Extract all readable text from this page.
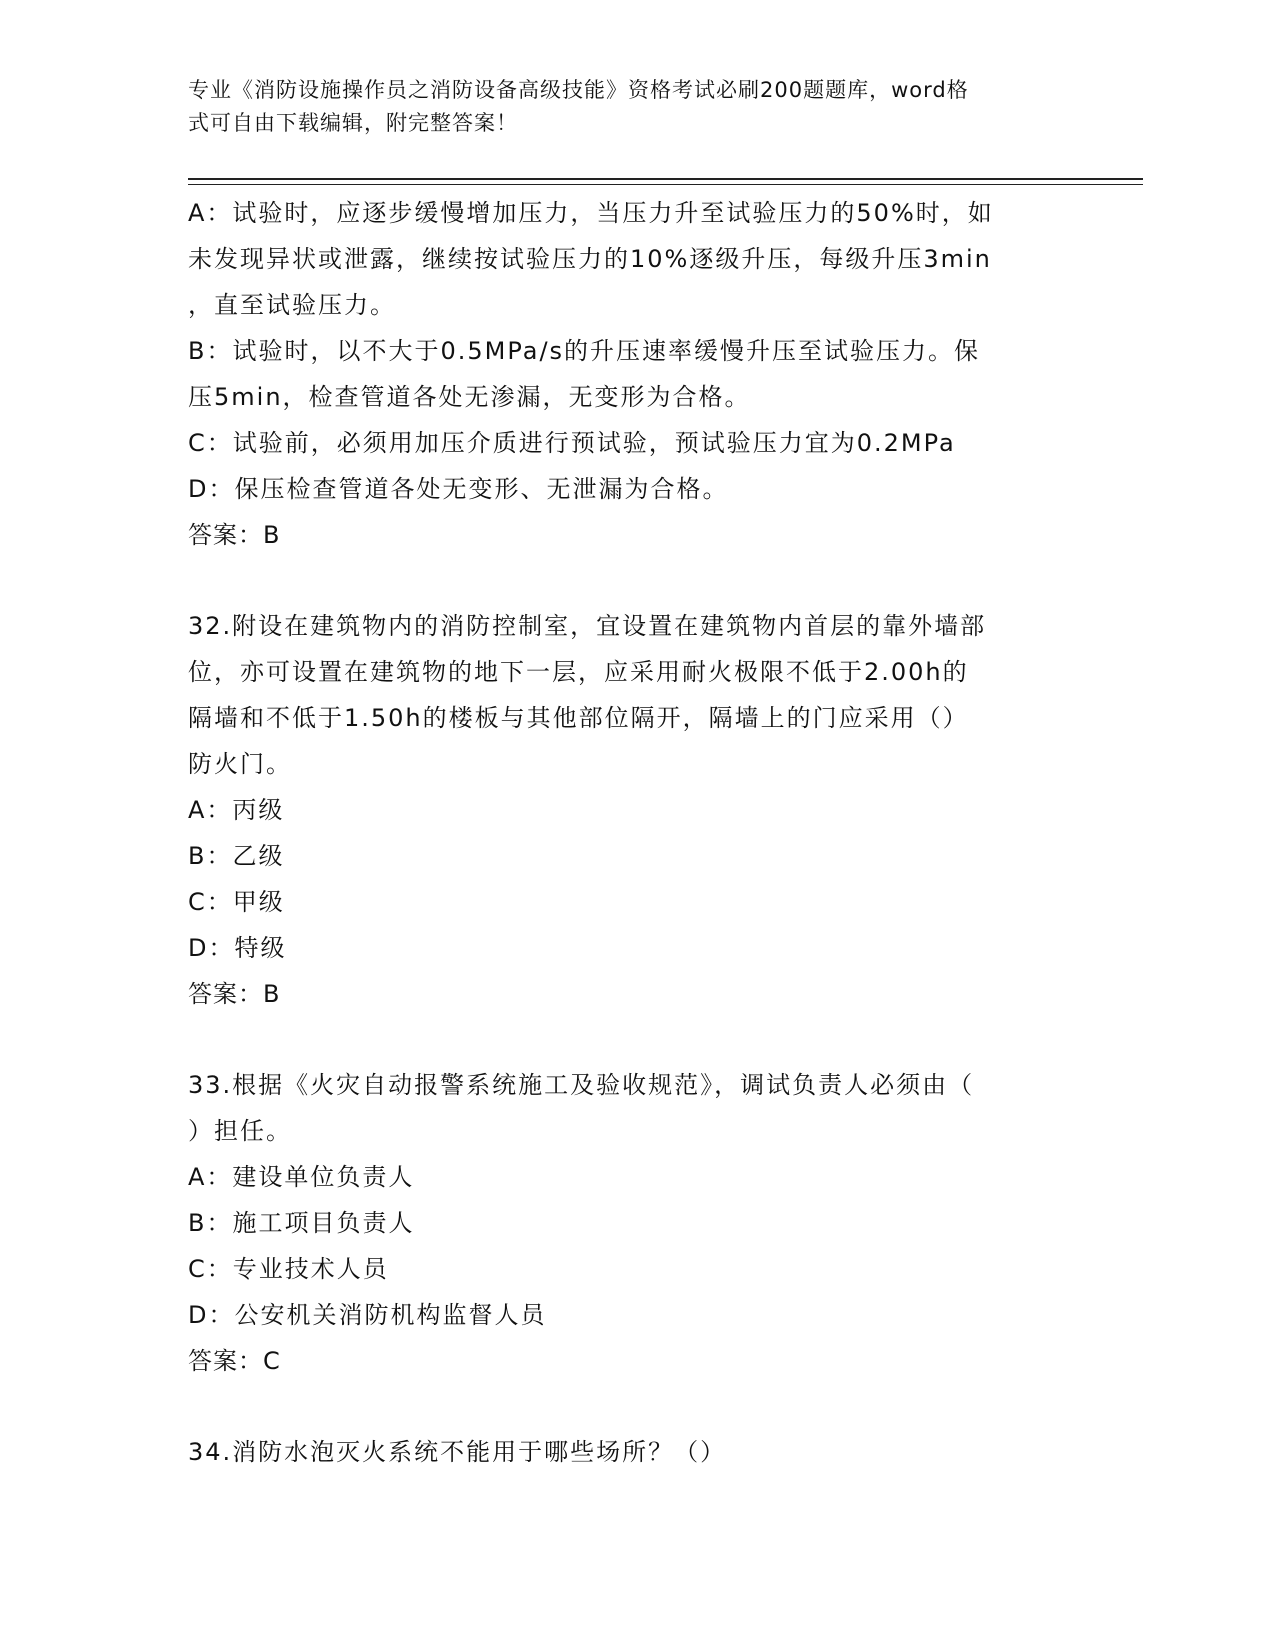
专业《消防设施操作员之消防设备高级技能》资格考试必刷200题题库，word格
式可自由下载编辑，附完整答案！
A：试验时，应逐步缓慢增加压力，当压力升至试验压力的50%时，如
未发现异状或泄露，继续按试验压力的10%逐级升压，每级升压3min
，直至试验压力。
B：试验时，以不大于0.5MPa/s的升压速率缓慢升压至试验压力。保
压5min，检查管道各处无渗漏，无变形为合格。
C：试验前，必须用加压介质进行预试验，预试验压力宜为0.2MPa
D：保压检查管道各处无变形、无泄漏为合格。
答案：B
32.附设在建筑物内的消防控制室，宜设置在建筑物内首层的靠外墙部
位，亦可设置在建筑物的地下一层，应采用耐火极限不低于2.00h的
隔墙和不低于1.50h的楼板与其他部位隔开，隔墙上的门应采用（）
防火门。
A：丙级
B：乙级
C：甲级
D：特级
答案：B
33.根据《火灾自动报警系统施工及验收规范》，调试负责人必须由（
）担任。
A：建设单位负责人
B：施工项目负责人
C：专业技术人员
D：公安机关消防机构监督人员
答案：C
34.消防水泡灭火系统不能用于哪些场所？（）
